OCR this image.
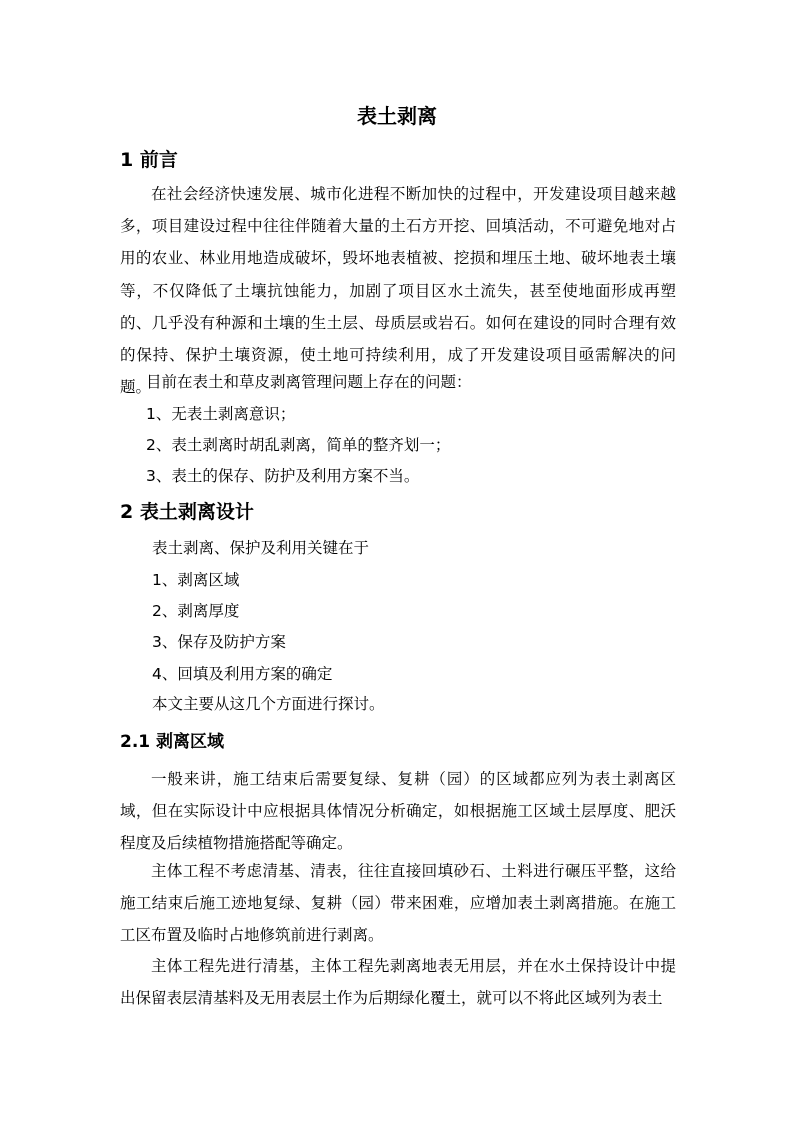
表土剥离
1 前言

在社会经济快速发展、城市化进程不断加快的过程中，开发建设项目越来越多，项目建设过程中往往伴随着大量的土石方开挖、回填活动，不可避免地对占用的农业、林业用地造成破坏，毁坏地表植被、挖损和埋压土地、破坏地表土壤等，不仅降低了土壤抗蚀能力，加剧了项目区水土流失，甚至使地面形成再塑的、几乎没有种源和土壤的生土层、母质层或岩石。如何在建设的同时合理有效的保持、保护土壤资源，使土地可持续利用，成了开发建设项目亟需解决的问题。

目前在表土和草皮剥离管理问题上存在的问题：

1、无表土剥离意识；

2、表土剥离时胡乱剥离，简单的整齐划一；

3、表土的保存、防护及利用方案不当。

2 表土剥离设计

表土剥离、保护及利用关键在于

1、剥离区域

2、剥离厚度

3、保存及防护方案

4、回填及利用方案的确定

本文主要从这几个方面进行探讨。

2.1 剥离区域

一般来讲，施工结束后需要复绿、复耕（园）的区域都应列为表土剥离区域，但在实际设计中应根据具体情况分析确定，如根据施工区域土层厚度、肥沃程度及后续植物措施搭配等确定。

主体工程不考虑清基、清表，往往直接回填砂石、土料进行碾压平整，这给施工结束后施工迹地复绿、复耕（园）带来困难，应增加表土剥离措施。在施工工区布置及临时占地修筑前进行剥离。

主体工程先进行清基，主体工程先剥离地表无用层，并在水土保持设计中提出保留表层清基料及无用表层土作为后期绿化覆土，就可以不将此区域列为表土
